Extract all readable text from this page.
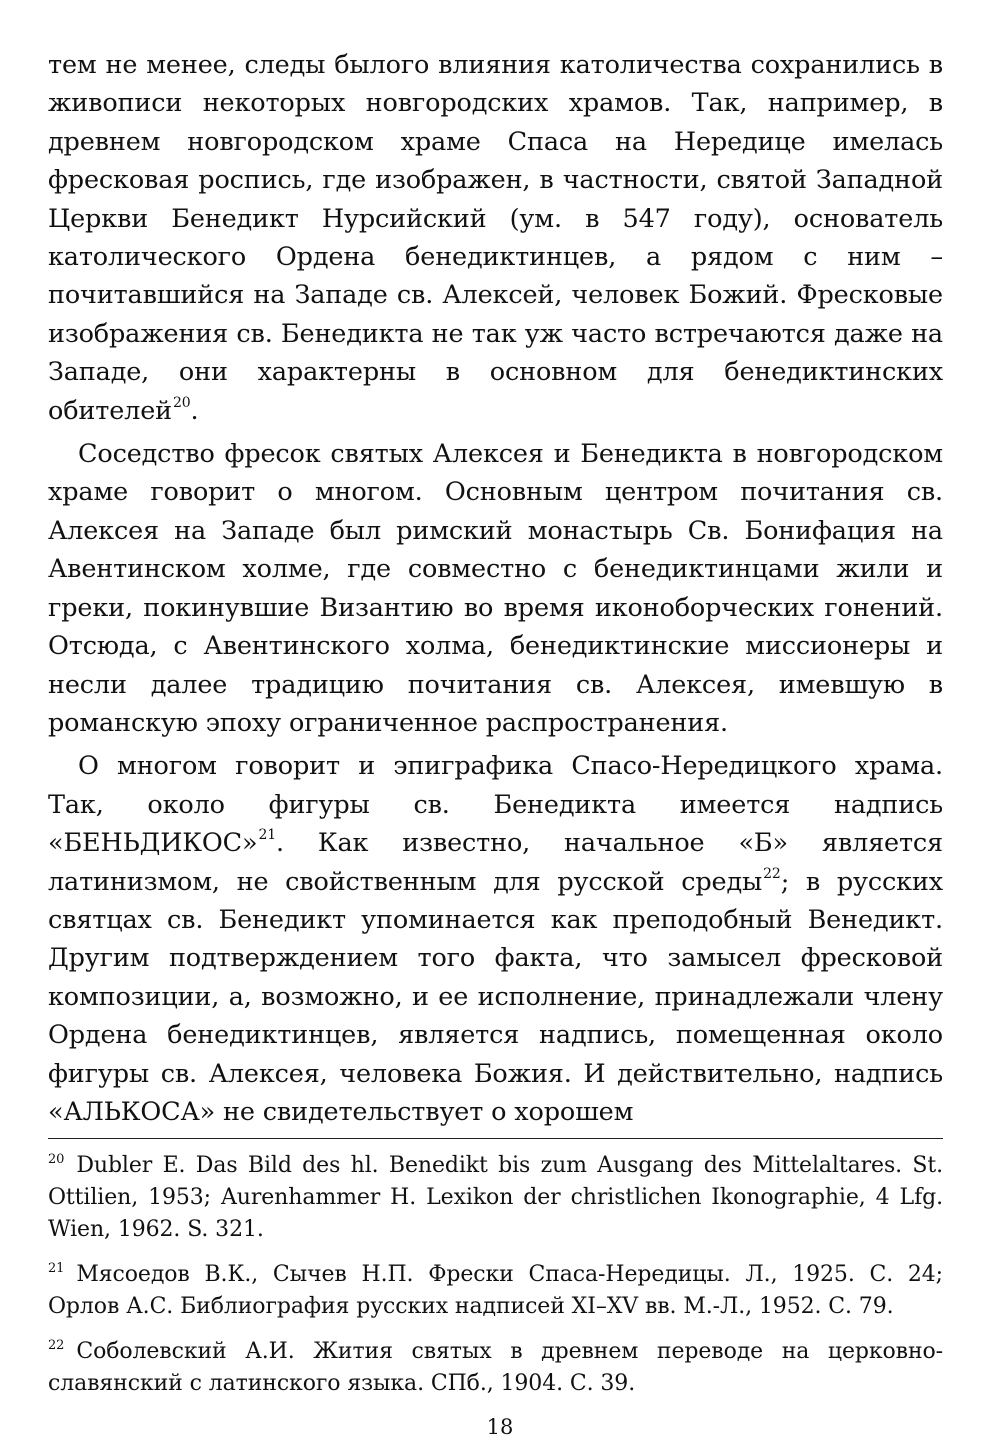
тем не менее, следы былого влияния католичества сохранились в живописи некоторых новгородских храмов. Так, например, в древнем новгородском храме Спаса на Нередице имелась фресковая роспись, где изображен, в частности, святой Западной Церкви Бенедикт Нурсийский (ум. в 547 году), основатель католического Ордена бенедиктинцев, а рядом с ним – почитавшийся на Западе св. Алексей, человек Божий. Фресковые изображения св. Бенедикта не так уж часто встречаются даже на Западе, они характерны в основном для бенедиктинских обителей$^{20}$.

Соседство фресок святых Алексея и Бенедикта в новгородском храме говорит о многом. Основным центром почитания св. Алексея на Западе был римский монастырь Св. Бонифация на Авентинском холме, где совместно с бенедиктинцами жили и греки, покинувшие Византию во время иконоборческих гонений. Отсюда, с Авентинского холма, бенедиктинские миссионеры и несли далее традицию почитания св. Алексея, имевшую в романскую эпоху ограниченное распространения.

О многом говорит и эпиграфика Спасо-Нередицкого храма. Так, около фигуры св. Бенедикта имеется надпись «БЕНЬДИКОС»$^{21}$. Как известно, начальное «Б» является латинизмом, не свойственным для русской среды$^{22}$; в русских святцах св. Бенедикт упоминается как преподобный Венедикт. Другим подтверждением того факта, что замысел фресковой композиции, а, возможно, и ее исполнение, принадлежали члену Ордена бенедиктинцев, является надпись, помещенная около фигуры св. Алексея, человека Божия. И действительно, надпись «АЛЬКОСА» не свидетельствует о хорошем

$^{20}$ Dubler E. Das Bild des hl. Benedikt bis zum Ausgang des Mittelaltares. St. Ottilien, 1953; Aurenhammer H. Lexikon der christlichen Ikonographie, 4 Lfg. Wien, 1962. S. 321.

$^{21}$ Мясоедов В.К., Сычев Н.П. Фрески Спаса-Нередицы. Л., 1925. С. 24; Орлов А.С. Библиография русских надписей XI–XV вв. М.-Л., 1952. С. 79.

$^{22}$ Соболевский А.И. Жития святых в древнем переводе на церковно-славянский с латинского языка. СПб., 1904. С. 39.

18
